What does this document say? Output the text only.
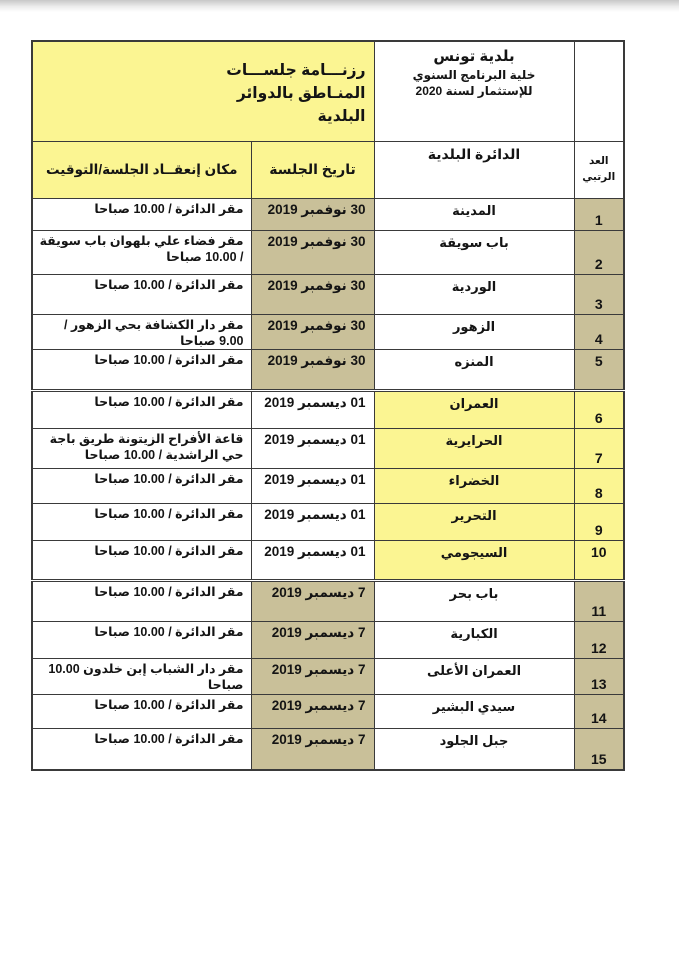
بلدية تونس
خلية البرنامج السنوي
للإستثمار لسنة 2020

رزنـــامة جلســـات
المنـاطق بالدوائر
البلدية

العد
الرتبي	الدائرة البلدية	تاريخ الجلسة	مكان إنعقــاد الجلسة/التوقيت
1	المدينة	30 نوفمبر 2019	مقر الدائرة / 10.00 صباحا
2	باب سويقة	30 نوفمبر 2019	مقر فضاء علي بلهوان باب سويقة / 10.00 صباحا
3	الوردية	30 نوفمبر 2019	مقر الدائرة / 10.00 صباحا
4	الزهور	30 نوفمبر 2019	مقر دار الكشافة بحي الزهور / 9.00 صباحا
5	المنزه	30 نوفمبر 2019	مقر الدائرة / 10.00 صباحا
6	العمران	01 ديسمبر 2019	مقر الدائرة / 10.00 صباحا
7	الحرايرية	01 ديسمبر 2019	قاعة الأفراح الزيتونة طريق باجة حي الراشدية / 10.00 صباحا
8	الخضراء	01 ديسمبر 2019	مقر الدائرة / 10.00 صباحا
9	التحرير	01 ديسمبر 2019	مقر الدائرة / 10.00 صباحا
10	السيجومي	01 ديسمبر 2019	مقر الدائرة / 10.00 صباحا
11	باب بحر	7 ديسمبر 2019	مقر الدائرة / 10.00 صباحا
12	الكبارية	7 ديسمبر 2019	مقر الدائرة / 10.00 صباحا
13	العمران الأعلى	7 ديسمبر 2019	مقر دار الشباب إبن خلدون 10.00 صباحا
14	سيدي البشير	7 ديسمبر 2019	مقر الدائرة / 10.00 صباحا
15	جبل الجلود	7 ديسمبر 2019	مقر الدائرة / 10.00 صباحا
